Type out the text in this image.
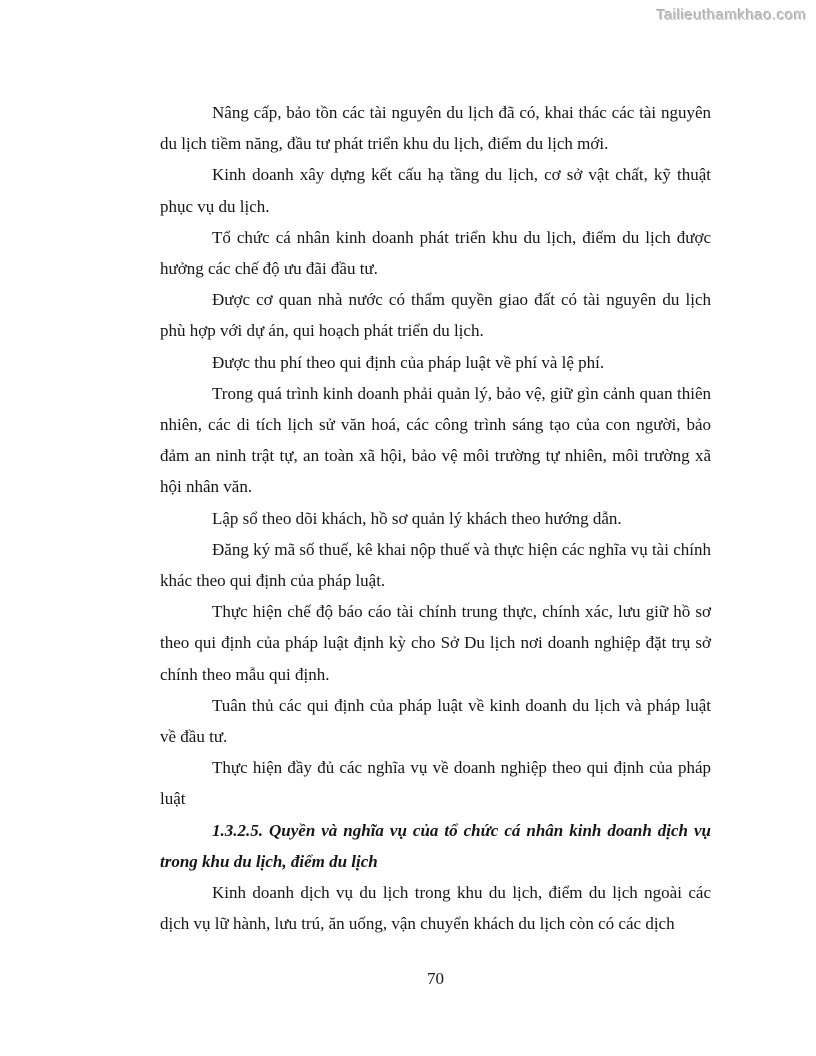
Tailieuthamkhao.com

Nâng cấp, bảo tồn các tài nguyên du lịch đã có, khai thác các tài nguyên du lịch tiềm năng, đầu tư phát triển khu du lịch, điểm du lịch mới.

Kinh doanh xây dựng kết cấu hạ tầng du lịch, cơ sở vật chất, kỹ thuật phục vụ du lịch.

Tổ chức cá nhân kinh doanh phát triển khu du lịch, điểm du lịch được hưởng các chế độ ưu đãi đầu tư.

Được cơ quan nhà nước có thẩm quyền giao đất có tài nguyên du lịch phù hợp với dự án, qui hoạch phát triển du lịch.

Được thu phí theo qui định của pháp luật về phí và lệ phí.

Trong quá trình kinh doanh phải quản lý, bảo vệ, giữ gìn cảnh quan thiên nhiên, các di tích lịch sử văn hoá, các công trình sáng tạo của con người, bảo đảm an ninh trật tự, an toàn xã hội, bảo vệ môi trường tự nhiên, môi trường xã hội nhân văn.

Lập sổ theo dõi khách, hồ sơ quản lý khách theo hướng dẫn.

Đăng ký mã số thuế, kê khai nộp thuế và thực hiện các nghĩa vụ tài chính khác theo qui định của pháp luật.

Thực hiện chế độ báo cáo tài chính trung thực, chính xác, lưu giữ hồ sơ theo qui định của pháp luật định kỳ cho Sở Du lịch nơi doanh nghiệp đặt trụ sở chính theo mẫu qui định.

Tuân thủ các qui định của pháp luật về kinh doanh du lịch và pháp luật về đầu tư.

Thực hiện đầy đủ các nghĩa vụ về doanh nghiệp theo qui định của pháp luật

1.3.2.5. Quyền và nghĩa vụ của tổ chức cá nhân kinh doanh dịch vụ trong khu du lịch, điểm du lịch

Kinh doanh dịch vụ du lịch trong khu du lịch, điểm du lịch ngoài các dịch vụ lữ hành, lưu trú, ăn uống, vận chuyển khách du lịch còn có các dịch

70
